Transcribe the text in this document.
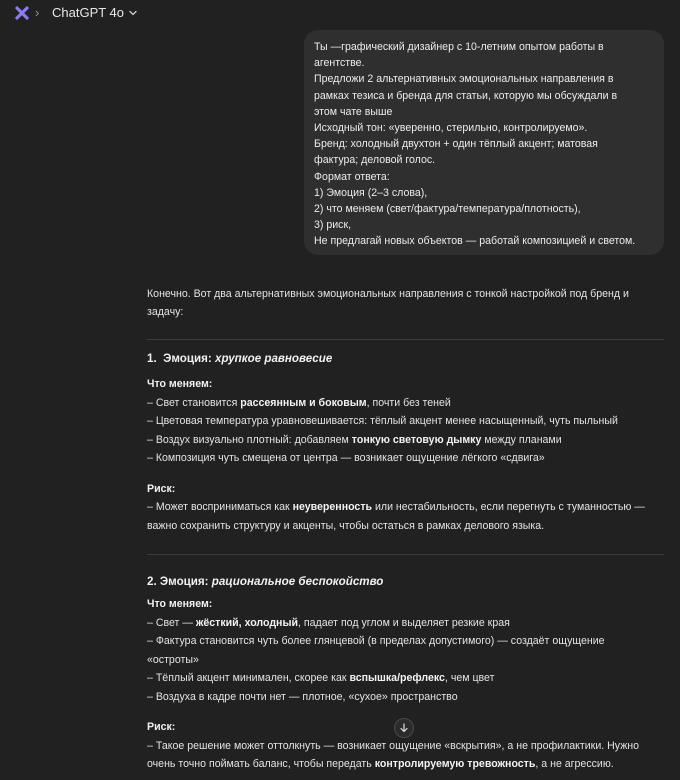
› ChatGPT 4o

Ты —графический дизайнер с 10-летним опытом работы в

агентстве.

Предложи 2 альтернативных эмоциональных направления в

рамках тезиса и бренда для статьи, которую мы обсуждали в

этом чате выше

Исходный тон: «уверенно, стерильно, контролируемо».

Бренд: холодный двухтон + один тёплый акцент; матовая

фактура; деловой голос.

Формат ответа:

1) Эмоция (2–3 слова),

2) что меняем (свет/фактура/температура/плотность),

3) риск,

Не предлагай новых объектов — работай композицией и светом.

Конечно. Вот два альтернативных эмоциональных направления с тонкой настройкой под бренд и

задачу:

1. Эмоция: хрупкое равновесие

Что меняем:

– Свет становится рассеянным и боковым, почти без теней

– Цветовая температура уравновешивается: тёплый акцент менее насыщенный, чуть пыльный

– Воздух визуально плотный: добавляем тонкую световую дымку между планами

– Композиция чуть смещена от центра — возникает ощущение лёгкого «сдвига»

Риск:

– Может восприниматься как неуверенность или нестабильность, если перегнуть с туманностью —

важно сохранить структуру и акценты, чтобы остаться в рамках делового языка.

2. Эмоция: рациональное беспокойство

Что меняем:

– Свет — жёсткий, холодный, падает под углом и выделяет резкие края

– Фактура становится чуть более глянцевой (в пределах допустимого) — создаёт ощущение

«остроты»

– Тёплый акцент минимален, скорее как вспышка/рефлекс, чем цвет

– Воздуха в кадре почти нет — плотное, «сухое» пространство

Риск:

– Такое решение может оттолкнуть — возникает ощущение «вскрытия», а не профилактики. Нужно

очень точно поймать баланс, чтобы передать контролируемую тревожность, а не агрессию.
